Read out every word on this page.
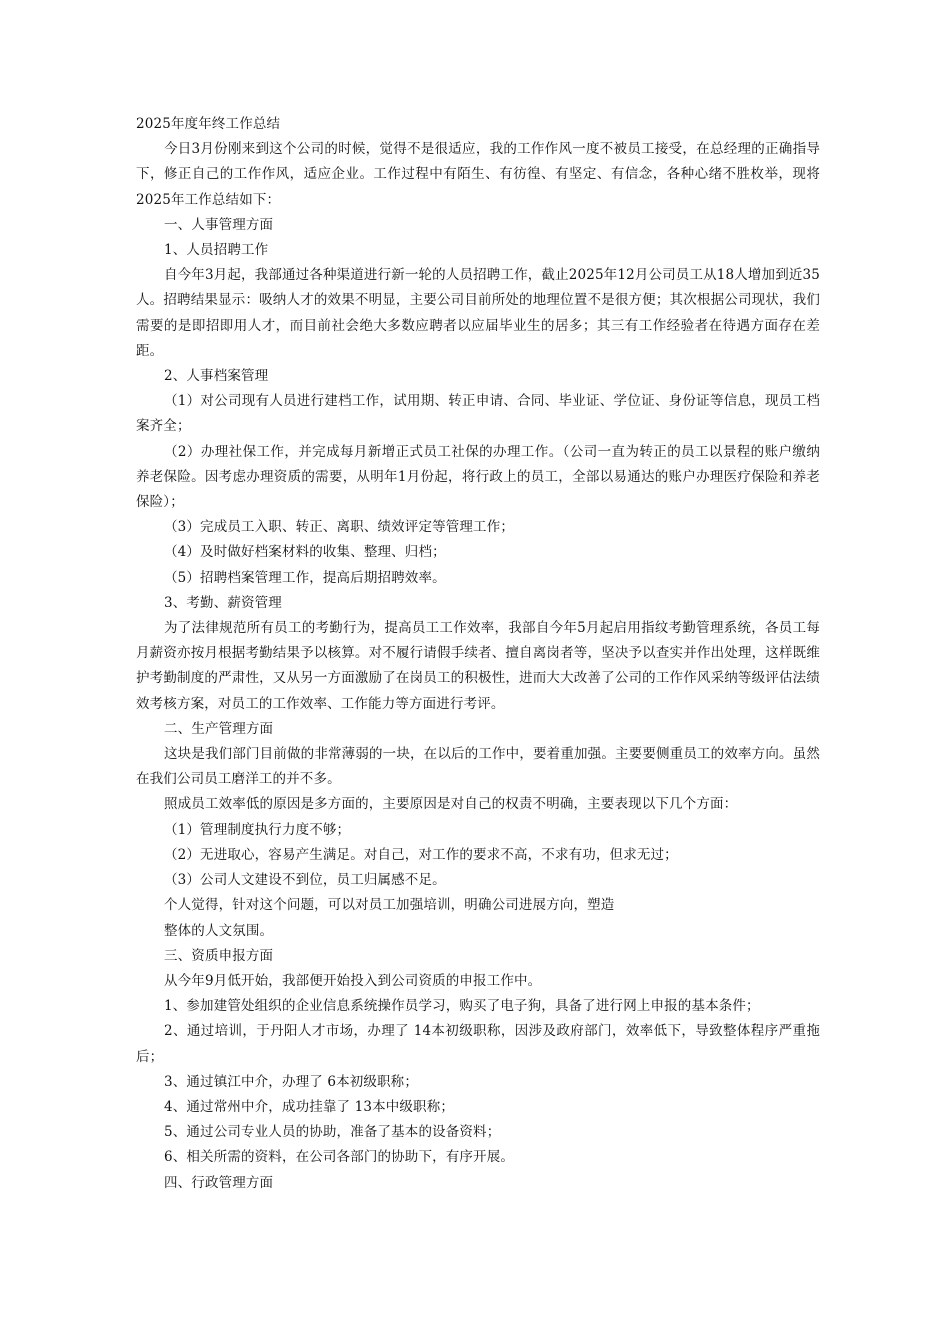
2025年度年终工作总结

今日3月份刚来到这个公司的时候，觉得不是很适应，我的工作作风一度不被员工接受，在总经理的正确指导下，修正自己的工作作风，适应企业。工作过程中有陌生、有彷徨、有坚定、有信念，各种心绪不胜枚举，现将2025年工作总结如下：

一、人事管理方面

1、人员招聘工作

自今年3月起，我部通过各种渠道进行新一轮的人员招聘工作，截止2025年12月公司员工从18人增加到近35人。招聘结果显示：吸纳人才的效果不明显，主要公司目前所处的地理位置不是很方便；其次根据公司现状，我们需要的是即招即用人才，而目前社会绝大多数应聘者以应届毕业生的居多；其三有工作经验者在待遇方面存在差距。

2、人事档案管理

（1）对公司现有人员进行建档工作，试用期、转正申请、合同、毕业证、学位证、身份证等信息，现员工档案齐全；

（2）办理社保工作，并完成每月新增正式员工社保的办理工作。（公司一直为转正的员工以景程的账户缴纳养老保险。因考虑办理资质的需要，从明年1月份起，将行政上的员工，全部以易通达的账户办理医疗保险和养老保险）；

（3）完成员工入职、转正、离职、绩效评定等管理工作；

（4）及时做好档案材料的收集、整理、归档；

（5）招聘档案管理工作，提高后期招聘效率。

3、考勤、薪资管理

为了法律规范所有员工的考勤行为，提高员工工作效率，我部自今年5月起启用指纹考勤管理系统，各员工每月薪资亦按月根据考勤结果予以核算。对不履行请假手续者、擅自离岗者等，坚决予以查实并作出处理，这样既维护考勤制度的严肃性，又从另一方面激励了在岗员工的积极性，进而大大改善了公司的工作作风采纳等级评估法绩效考核方案，对员工的工作效率、工作能力等方面进行考评。

二、生产管理方面

这块是我们部门目前做的非常薄弱的一块，在以后的工作中，要着重加强。主要要侧重员工的效率方向。虽然在我们公司员工磨洋工的并不多。

照成员工效率低的原因是多方面的，主要原因是对自己的权责不明确，主要表现以下几个方面：

（1）管理制度执行力度不够；

（2）无进取心，容易产生满足。对自己，对工作的要求不高，不求有功，但求无过；

（3）公司人文建设不到位，员工归属感不足。

个人觉得，针对这个问题，可以对员工加强培训，明确公司进展方向，塑造

整体的人文氛围。

三、资质申报方面

从今年9月低开始，我部便开始投入到公司资质的申报工作中。

1、参加建管处组织的企业信息系统操作员学习，购买了电子狗，具备了进行网上申报的基本条件；

2、通过培训，于丹阳人才市场，办理了 14本初级职称，因涉及政府部门，效率低下，导致整体程序严重拖后；

3、通过镇江中介，办理了 6本初级职称；

4、通过常州中介，成功挂靠了 13本中级职称；

5、通过公司专业人员的协助，准备了基本的设备资料；

6、相关所需的资料，在公司各部门的协助下，有序开展。

四、行政管理方面
